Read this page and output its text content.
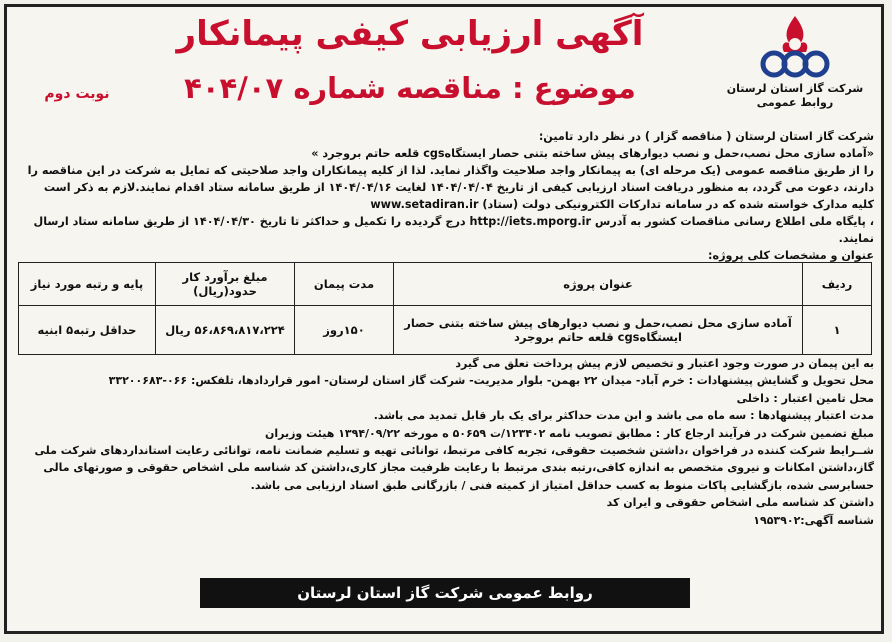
شرکت گاز استان لرستان
روابط عمومی
نوبت دوم
آگهی ارزیابی کیفی پیمانکار
موضوع : مناقصه شماره ۴۰۴/۰۷

شرکت گاز استان لرستان ( مناقصه گزار ) در نظر دارد تامین:

«آماده سازی محل نصب،حمل و نصب دیوارهای پیش ساخته بتنی حصار ایستگاهcgs قلعه حاتم بروجرد »

را از طریق مناقصه عمومی (یک مرحله ای) به پیمانکار واجد صلاحیت واگذار نماید. لذا از کلیه پیمانکاران واجد صلاحیتی که تمایل به شرکت در این مناقصه را دارند، دعوت می گردد، به منظور دریافت اسناد ارزیابی کیفی از تاریخ ۱۴۰۴/۰۴/۰۴ لغایت ۱۴۰۴/۰۴/۱۶ از طریق سامانه ستاد اقدام نمایند.لازم به ذکر است کلیه مدارک خواسته شده که در سامانه تدارکات الکترونیکی دولت (ستاد) www.setadiran.ir

، پایگاه ملی اطلاع رسانی مناقصات کشور به آدرس http://iets.mporg.ir درج گردیده را تکمیل و حداکثر تا تاریخ ۱۴۰۴/۰۴/۳۰ از طریق سامانه ستاد ارسال نمایند.

عنوان و مشخصات کلی پروژه:

ردیف	عنوان پروژه	مدت پیمان	مبلغ برآورد کار حدود(ریال)	پایه و رتبه مورد نیاز
۱	آماده سازی محل نصب،حمل و نصب دیوارهای پیش ساخته بتنی حصار ایستگاهcgs قلعه حاتم بروجرد	۱۵۰روز	۵۶،۸۶۹،۸۱۷،۲۲۴ ریال	حداقل رتبه۵ ابنیه

به این پیمان در صورت وجود اعتبار و تخصیص لازم پیش پرداخت تعلق می گیرد

محل تحویل و گشایش پیشنهادات : خرم آباد- میدان ۲۲ بهمن- بلوار مدیریت- شرکت گاز استان لرستان- امور قراردادها، تلفکس: ۰۶۶-۳۳۲۰۰۶۸۳

محل تامین اعتبار : داخلی

مدت اعتبار پیشنهادها : سه ماه می باشد و این مدت حداکثر برای یک بار قابل تمدید می باشد.

مبلغ تضمین شرکت در فرآیند ارجاع کار : مطابق تصویب نامه ۱۲۳۴۰۲/ت ۵۰۶۵۹ ه مورخه ۱۳۹۴/۰۹/۲۲ هیئت وزیران

شــرایط شرکت کننده در فراخوان ،داشتن شخصیت حقوقی، تجربه کافی مرتبط، توانائی تهیه و تسلیم ضمانت نامه، توانائی رعایت استانداردهای شرکت ملی گاز،داشتن امکانات و نیروی متخصص به اندازه کافی،رتبه بندی مرتبط با رعایت ظرفیت مجاز کاری،داشتن کد شناسه ملی اشخاص حقوقی و صورتهای مالی حسابرسی شده، بازگشایی پاکات منوط به کسب حداقل امتیاز از کمیته فنی / بازرگانی طبق اسناد ارزیابی می باشد.

داشتن کد شناسه ملی اشخاص حقوقی و ایران کد

شناسه آگهی:۱۹۵۳۹۰۲

روابط عمومی شرکت گاز استان لرستان
